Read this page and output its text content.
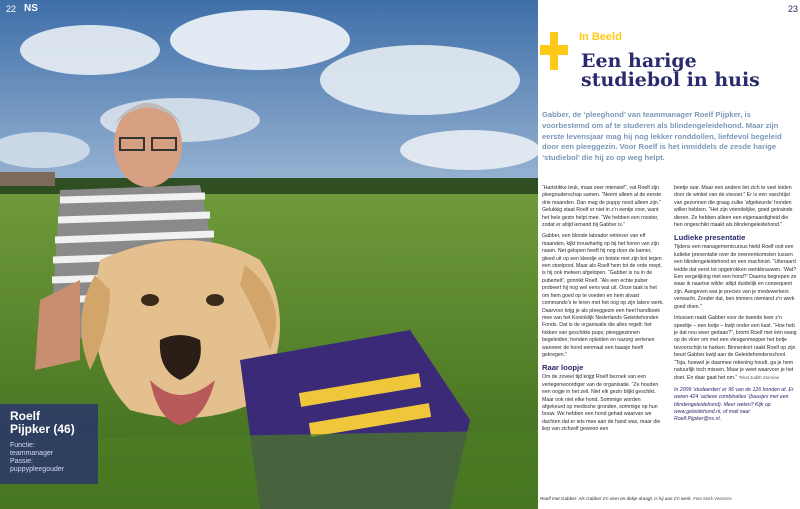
22 NS
Roelf
Pijpker (46)
Functie:
teammanager
Passie:
puppypleegouder
23
In Beeld
Een harige
studiebol in huis
Gabber, de ‘pleeghond’ van teammanager Roelf Pijpker, is voorbestemd om af te studeren als blindengeleidehond. Maar zijn eerste levensjaar mag hij nog lekker ronddollen, liefdevol begeleid door een pleeggezin. Voor Roelf is het inmiddels de zesde harige ‘studiebol’ die hij zo op weg helpt.

“Hartstikke leuk, maar zeer intensief”, vat Roelf zijn pleegouderschap samen. “Neem alleen al de eerste drie maanden. Dan mag de puppy nooit alleen zijn.” Gelukkig staat Roelf er niet in z’n eentje voor, want het hele gezin helpt mee. “We hebben een rooster, zodat er altijd iemand bij Gabber is.”

Gabber, een blonde labrador retriever van elf maanden, kijkt trouwhartig op bij het horen van zijn naam. Net gelopen heeft hij nog door de kamer, gleed uit op een kleedje en botste met zijn bol tegen een stoelpoot. Maar als Roelf hem tot de orde roept, is hij ook meteen afgelopen. “Gabber is nu in de puberteit”, grinnikt Roelf. “Als een echte puber probeert hij nog wel eens wat uit. Onze taak is het om hem goed op te voeden en hem alvast commando’s te leren met het oog op zijn latere werk. Daarvoor krijg je als pleeggezin een heel handboek mee van het Koninklijk Nederlands Geleidehonden Fonds. Dat is de organisatie die alles regelt: het fokken van geschikte pups; pleeggezinnen begeleiden; honden opleiden en nazorg verlenen wanneer de hond eenmaal een baasje heeft gekregen.”

Raar loopje

Om de zoveel tijd krijgt Roelf bezoek van een vertegenwoordiger van de organisatie. “Ze houden een oogje in het zeil. Niet elk gezin blijkt geschikt. Maar ook niet elke hond. Sommige worden afgekeurd op medische gronden, sommige op hun bouw. We hebben een hond gehad waarvan we dachten dat er iets mee aan de hand was, maar die liep van zichzelf gewoon een

beetje raar. Maar een andere liet zich te veel leiden door de winkel van de vissoer.” Er is een vaschtijst van gezonnen die graag zulke ‘afgekeurde’ honden willen hebben. “Het zijn vriendelijke, goed getrainde dieren. Ze hebben alleen een eigenaardigheid die hen ongeschikt maakt als blindengeleidehond.”

Ludieke presentatie

Tijdens een managementcursus hield Roelf ooit een ludieke presentatie over de overeenkomsten tussen een blindengeleidehond en een machinist. “Uiteraard leidde dat eerst tot opgetrokken wenkbrauwen. ‘Wat? Een vergelijking met een hond?’ Daarna begrepen ze waar ik naartoe wilde: altijd duidelijk en consequent zijn. Aangeven wat je precies van je medewerkers verwacht. Zonder dat, ben immers niemand z’n werk goed doen.”

Intussen raakt Gabber voor de tweede keer z’n speeltje – een botje – kwijt onder een kast. “Hoe heb je dat nou weer gedaan?”, bromt Roelf met één wang op de vloer om met een vleugenmepper het botje tevoorschijn te harken. Binnenkort raakt Roelf op zijn beurt Gabber kwijt aan de Geleidehondenschool. “Tsja, hoewel je daarmee rekening houdt, ga je hem natuurlijk toch missen. Maar je weet waarvoor je het doet. En daar gaat het om.” Tekst Judith Zeeman

In 2009 ‘studeerden’ er 96 van de 126 honden af. Er waren 424 ‘actieve combinaties’ (baasjes met een blindengeleidehond). Meer weten? Kijk op www.geleidehond.nl, of mail naar Roelf.Pijpker@ns.nl.

Roelf met Gabber. Als Gabber z’n riem en dekje draagt, is hij aan z’n werk. Foto Mark Veenstra
